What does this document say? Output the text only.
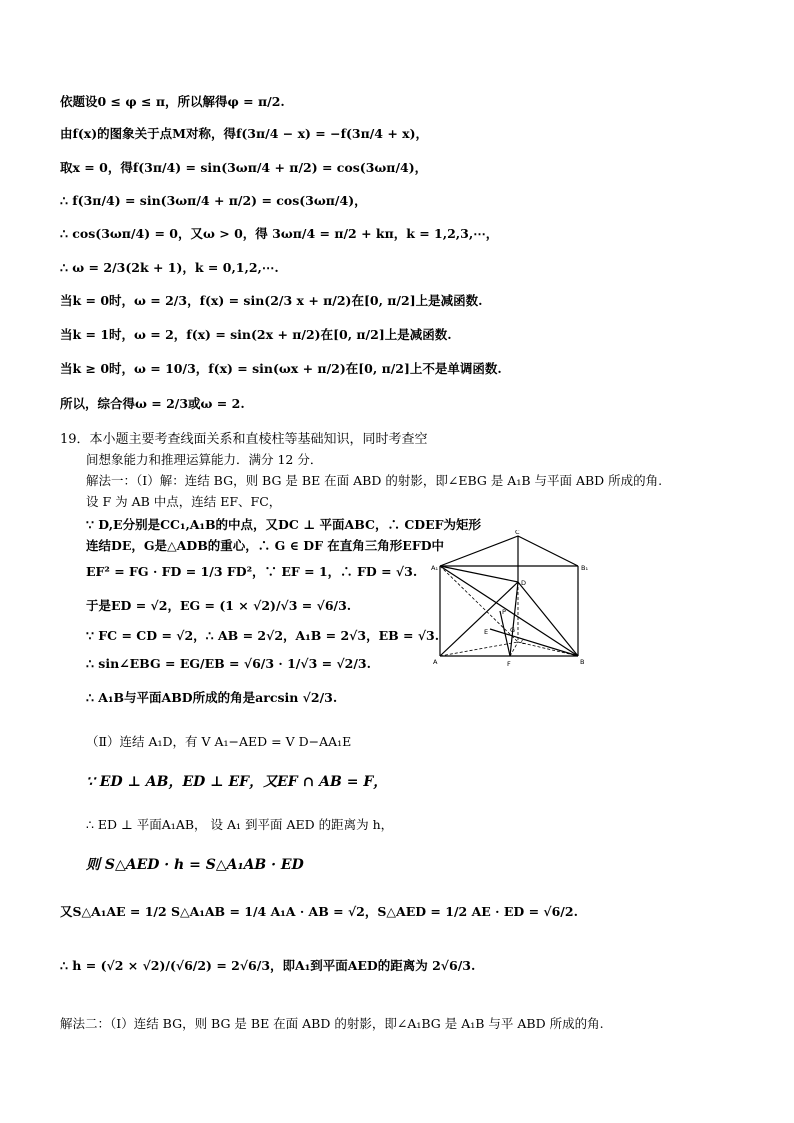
依题设0 ≤ φ ≤ π，所以解得φ = π/2.
由f(x)的图象关于点M对称，得f(3π/4 − x) = −f(3π/4 + x)，
取x = 0，得f(3π/4) = sin(3ωπ/4 + π/2) = cos(3ωπ/4)，
∴ f(3π/4) = sin(3ωπ/4 + π/2) = cos(3ωπ/4)，
∴ cos(3ωπ/4) = 0，又ω > 0，得 3ωπ/4 = π/2 + kπ，k = 1,2,3,⋯，
∴ ω = 2/3(2k + 1)，k = 0,1,2,⋯.
当k = 0时，ω = 2/3，f(x) = sin(2/3 x + π/2)在[0, π/2]上是减函数.
当k = 1时，ω = 2，f(x) = sin(2x + π/2)在[0, π/2]上是减函数.
当k ≥ 0时，ω = 10/3，f(x) = sin(ωx + π/2)在[0, π/2]上不是单调函数.
所以，综合得ω = 2/3或ω = 2.
19．本小题主要考查线面关系和直棱柱等基础知识，同时考查空
间想象能力和推理运算能力．满分 12 分．
解法一：（Ⅰ）解：连结 BG，则 BG 是 BE 在面 ABD 的射影，即∠EBG 是 A₁B 与平面 ABD 所成的角.
设 F 为 AB 中点，连结 EF、FC，
∵ D,E分别是CC₁,A₁B的中点，又DC ⊥ 平面ABC，∴ CDEF为矩形
连结DE，G是△ADB的重心，∴ G ∈ DF 在直角三角形EFD中
EF² = FG · FD = 1/3 FD²，∵ EF = 1，∴ FD = √3.
于是ED = √2，EG = (1 × √2)/√3 = √6/3.
∵ FC = CD = √2，∴ AB = 2√2，A₁B = 2√3，EB = √3.
∴ sin∠EBG = EG/EB = √6/3 · 1/√3 = √2/3.
∴ A₁B与平面ABD所成的角是arcsin √2/3.
（Ⅱ）连结 A₁D，有 V A₁−AED = V D−AA₁E
∵ ED ⊥ AB，ED ⊥ EF，又EF ∩ AB = F，
∴ ED ⊥ 平面A₁AB， 设 A₁ 到平面 AED 的距离为 h，
则 S△AED · h = S△A₁AB · ED
又S△A₁AE = 1/2 S△A₁AB = 1/4 A₁A · AB = √2，S△AED = 1/2 AE · ED = √6/2.
∴ h = (√2 × √2)/(√6/2) = 2√6/3，即A₁到平面AED的距离为 2√6/3.
解法二：（Ⅰ）连结 BG，则 BG 是 BE 在面 ABD 的射影，即∠A₁BG 是 A₁B 与平 ABD 所成的角.
A₁	B₁
C
D
P
E	G
C
A	F	B
